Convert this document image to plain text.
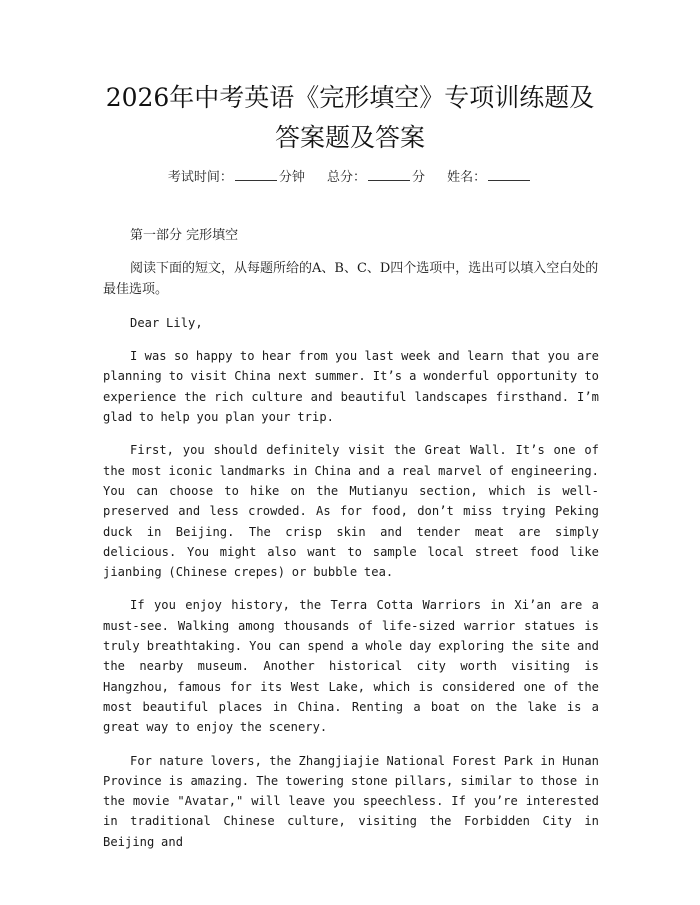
2026年中考英语《完形填空》专项训练题及
答案题及答案
考试时间：	分钟 总分：	分 姓名：

第一部分 完形填空

阅读下面的短文，从每题所给的A、B、C、D四个选项中，选出可以填入空白处的最佳选项。

Dear Lily,

I was so happy to hear from you last week and learn that you are planning to visit China next summer. It’s a wonderful opportunity to experience the rich culture and beautiful landscapes firsthand. I’m glad to help you plan your trip.

First, you should definitely visit the Great Wall. It’s one of the most iconic landmarks in China and a real marvel of engineering. You can choose to hike on the Mutianyu section, which is well-preserved and less crowded. As for food, don’t miss trying Peking duck in Beijing. The crisp skin and tender meat are simply delicious. You might also want to sample local street food like jianbing (Chinese crepes) or bubble tea.

If you enjoy history, the Terra Cotta Warriors in Xi’an are a must-see. Walking among thousands of life-sized warrior statues is truly breathtaking. You can spend a whole day exploring the site and the nearby museum. Another historical city worth visiting is Hangzhou, famous for its West Lake, which is considered one of the most beautiful places in China. Renting a boat on the lake is a great way to enjoy the scenery.

For nature lovers, the Zhangjiajie National Forest Park in Hunan Province is amazing. The towering stone pillars, similar to those in the movie "Avatar," will leave you speechless. If you’re interested in traditional Chinese culture, visiting the Forbidden City in Beijing and
